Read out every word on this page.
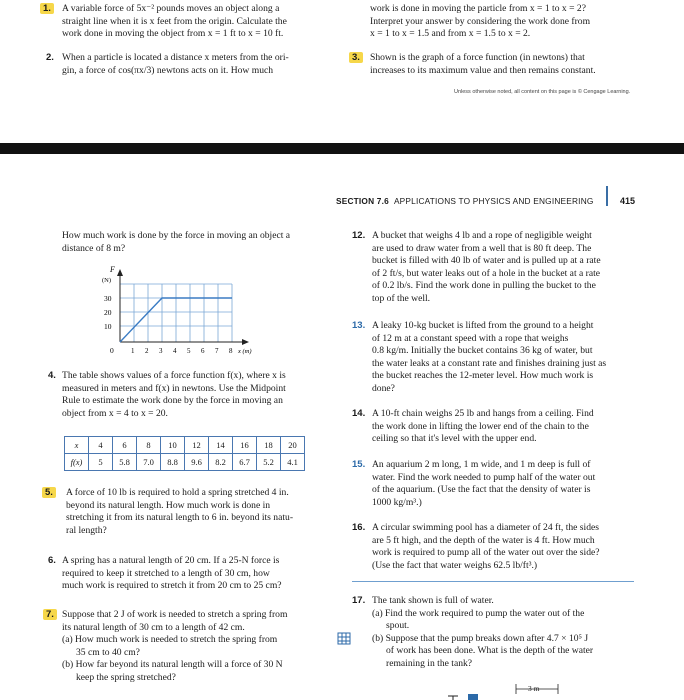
1.	A variable force of 5x⁻² pounds moves an object along a
straight line when it is x feet from the origin. Calculate the
work done in moving the object from x = 1 ft to x = 10 ft.
2. When a particle is located a distance x meters from the ori-
gin, a force of cos(πx/3) newtons acts on it. How much
work is done in moving the particle from x = 1 to x = 2?
Interpret your answer by considering the work done from
x = 1 to x = 1.5 and from x = 1.5 to x = 2.
3.	Shown is the graph of a force function (in newtons) that
increases to its maximum value and then remains constant.
Unless otherwise noted, all content on this page is © Cengage Learning.
SECTION 7.6 APPLICATIONS TO PHYSICS AND ENGINEERING	415
How much work is done by the force in moving an object a
distance of 8 m?
F
(N)
30
20
10
0 1 2 3 4 5 6 7 8 x (m)
4. The table shows values of a force function f(x), where x is
measured in meters and f(x) in newtons. Use the Midpoint
Rule to estimate the work done by the force in moving an
object from x = 4 to x = 20.
x	4	6	8	10	12	14	16	18	20
f(x)	5	5.8	7.0	8.8	9.6	8.2	6.7	5.2	4.1
5.	A force of 10 lb is required to hold a spring stretched 4 in.
beyond its natural length. How much work is done in
stretching it from its natural length to 6 in. beyond its natu-
ral length?
6. A spring has a natural length of 20 cm. If a 25-N force is
required to keep it stretched to a length of 30 cm, how
much work is required to stretch it from 20 cm to 25 cm?
7. Suppose that 2 J of work is needed to stretch a spring from
its natural length of 30 cm to a length of 42 cm.
(a) How much work is needed to stretch the spring from
35 cm to 40 cm?
(b) How far beyond its natural length will a force of 30 N
keep the spring stretched?
12. A bucket that weighs 4 lb and a rope of negligible weight
are used to draw water from a well that is 80 ft deep. The
bucket is filled with 40 lb of water and is pulled up at a rate
of 2 ft/s, but water leaks out of a hole in the bucket at a rate
of 0.2 lb/s. Find the work done in pulling the bucket to the
top of the well.
13. A leaky 10-kg bucket is lifted from the ground to a height
of 12 m at a constant speed with a rope that weighs
0.8 kg/m. Initially the bucket contains 36 kg of water, but
the water leaks at a constant rate and finishes draining just as
the bucket reaches the 12-meter level. How much work is
done?
14. A 10-ft chain weighs 25 lb and hangs from a ceiling. Find
the work done in lifting the lower end of the chain to the
ceiling so that it's level with the upper end.
15. An aquarium 2 m long, 1 m wide, and 1 m deep is full of
water. Find the work needed to pump half of the water out
of the aquarium. (Use the fact that the density of water is
1000 kg/m³.)
16. A circular swimming pool has a diameter of 24 ft, the sides
are 5 ft high, and the depth of the water is 4 ft. How much
work is required to pump all of the water out over the side?
(Use the fact that water weighs 62.5 lb/ft³.)
17. The tank shown is full of water.
(a) Find the work required to pump the water out of the
spout.
(b) Suppose that the pump breaks down after 4.7 × 10⁵ J
of work has been done. What is the depth of the water
remaining in the tank?
3 m
